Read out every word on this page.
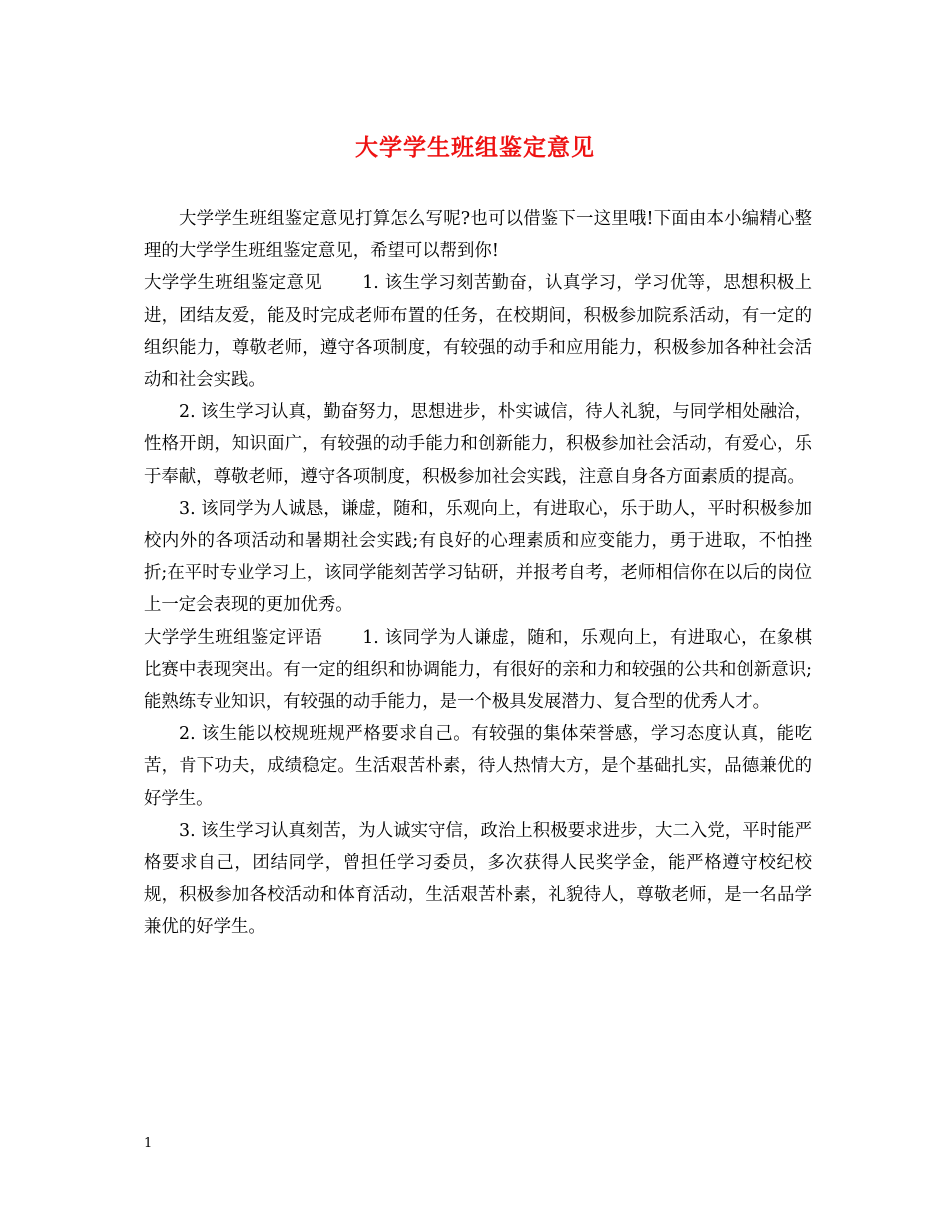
大学学生班组鉴定意见

大学学生班组鉴定意见打算怎么写呢?也可以借鉴下一这里哦!下面由本小编精心整理的大学学生班组鉴定意见，希望可以帮到你!

大学学生班组鉴定意见 1. 该生学习刻苦勤奋，认真学习，学习优等，思想积极上进，团结友爱，能及时完成老师布置的任务，在校期间，积极参加院系活动，有一定的组织能力，尊敬老师，遵守各项制度，有较强的动手和应用能力，积极参加各种社会活动和社会实践。

2. 该生学习认真，勤奋努力，思想进步，朴实诚信，待人礼貌，与同学相处融洽，性格开朗，知识面广，有较强的动手能力和创新能力，积极参加社会活动，有爱心，乐于奉献，尊敬老师，遵守各项制度，积极参加社会实践，注意自身各方面素质的提高。

3. 该同学为人诚恳，谦虚，随和，乐观向上，有进取心，乐于助人，平时积极参加校内外的各项活动和暑期社会实践;有良好的心理素质和应变能力，勇于进取，不怕挫折;在平时专业学习上，该同学能刻苦学习钻研，并报考自考，老师相信你在以后的岗位上一定会表现的更加优秀。

大学学生班组鉴定评语 1. 该同学为人谦虚，随和，乐观向上，有进取心，在象棋比赛中表现突出。有一定的组织和协调能力，有很好的亲和力和较强的公共和创新意识;能熟练专业知识，有较强的动手能力，是一个极具发展潜力、复合型的优秀人才。

2. 该生能以校规班规严格要求自己。有较强的集体荣誉感，学习态度认真，能吃苦，肯下功夫，成绩稳定。生活艰苦朴素，待人热情大方，是个基础扎实，品德兼优的好学生。

3. 该生学习认真刻苦，为人诚实守信，政治上积极要求进步，大二入党，平时能严格要求自己，团结同学，曾担任学习委员，多次获得人民奖学金，能严格遵守校纪校规，积极参加各校活动和体育活动，生活艰苦朴素，礼貌待人，尊敬老师，是一名品学兼优的好学生。

1
